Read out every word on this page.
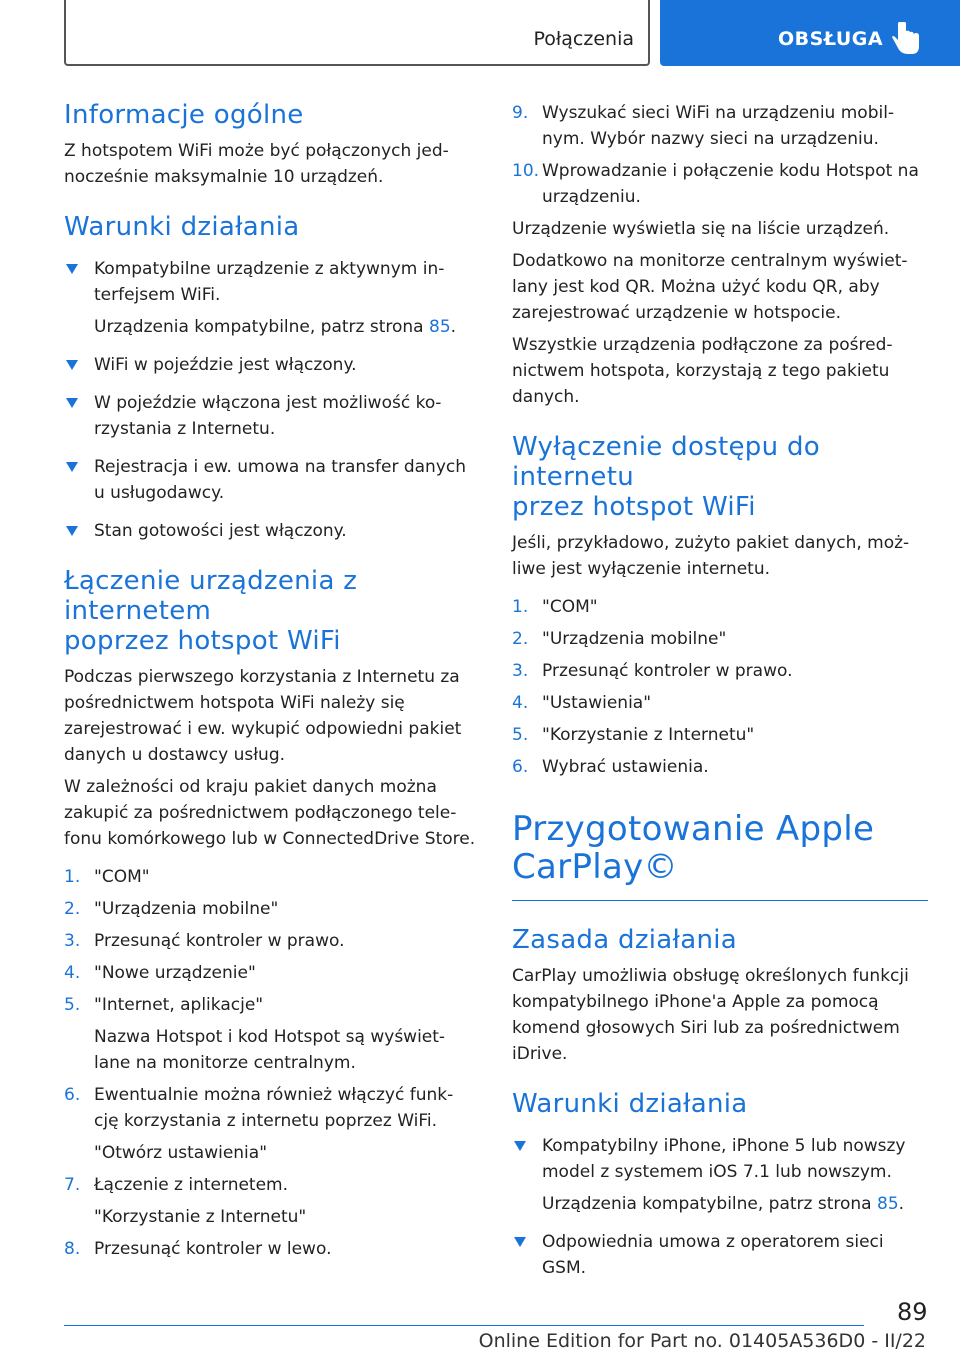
Połączenia	OBSŁUGA
Informacje ogólne
Z hotspotem WiFi może być połączonych jed‐ nocześnie maksymalnie 10 urządzeń.
Warunki działania
Kompatybilne urządzenie z aktywnym in‐ terfejsem WiFi.
Urządzenia kompatybilne, patrz strona 85.
WiFi w pojeździe jest włączony.
W pojeździe włączona jest możliwość ko‐ rzystania z Internetu.
Rejestracja i ew. umowa na transfer danych u usługodawcy.
Stan gotowości jest włączony.
Łączenie urządzenia z internetem
poprzez hotspot WiFi
Podczas pierwszego korzystania z Internetu za pośrednictwem hotspota WiFi należy się zarejestrować i ew. wykupić odpowiedni pakiet danych u dostawcy usług.
W zależności od kraju pakiet danych można zakupić za pośrednictwem podłączonego tele‐ fonu komórkowego lub w ConnectedDrive Store.
1. "COM"
2. "Urządzenia mobilne"
3. Przesunąć kontroler w prawo.
4. "Nowe urządzenie"
5. "Internet, aplikacje"
Nazwa Hotspot i kod Hotspot są wyświet‐ lane na monitorze centralnym.
6. Ewentualnie można również włączyć funk‐ cję korzystania z internetu poprzez WiFi.
"Otwórz ustawienia"
7. Łączenie z internetem.
"Korzystanie z Internetu"
8. Przesunąć kontroler w lewo.
9. Wyszukać sieci WiFi na urządzeniu mobil‐ nym. Wybór nazwy sieci na urządzeniu.
10. Wprowadzanie i połączenie kodu Hotspot na urządzeniu.
Urządzenie wyświetla się na liście urządzeń.
Dodatkowo na monitorze centralnym wyświet‐ lany jest kod QR. Można użyć kodu QR, aby zarejestrować urządzenie w hotspocie.
Wszystkie urządzenia podłączone za pośred‐ nictwem hotspota, korzystają z tego pakietu danych.
Wyłączenie dostępu do internetu
przez hotspot WiFi
Jeśli, przykładowo, zużyto pakiet danych, moż‐ liwe jest wyłączenie internetu.
1. "COM"
2. "Urządzenia mobilne"
3. Przesunąć kontroler w prawo.
4. "Ustawienia"
5. "Korzystanie z Internetu"
6. Wybrać ustawienia.
Przygotowanie Apple
CarPlay©
Zasada działania
CarPlay umożliwia obsługę określonych funkcji kompatybilnego iPhone'a Apple za pomocą komend głosowych Siri lub za pośrednictwem iDrive.
Warunki działania
Kompatybilny iPhone, iPhone 5 lub nowszy model z systemem iOS 7.1 lub nowszym.
Urządzenia kompatybilne, patrz strona 85.
Odpowiednia umowa z operatorem sieci GSM.
89
Online Edition for Part no. 01405A536D0 - II/22
